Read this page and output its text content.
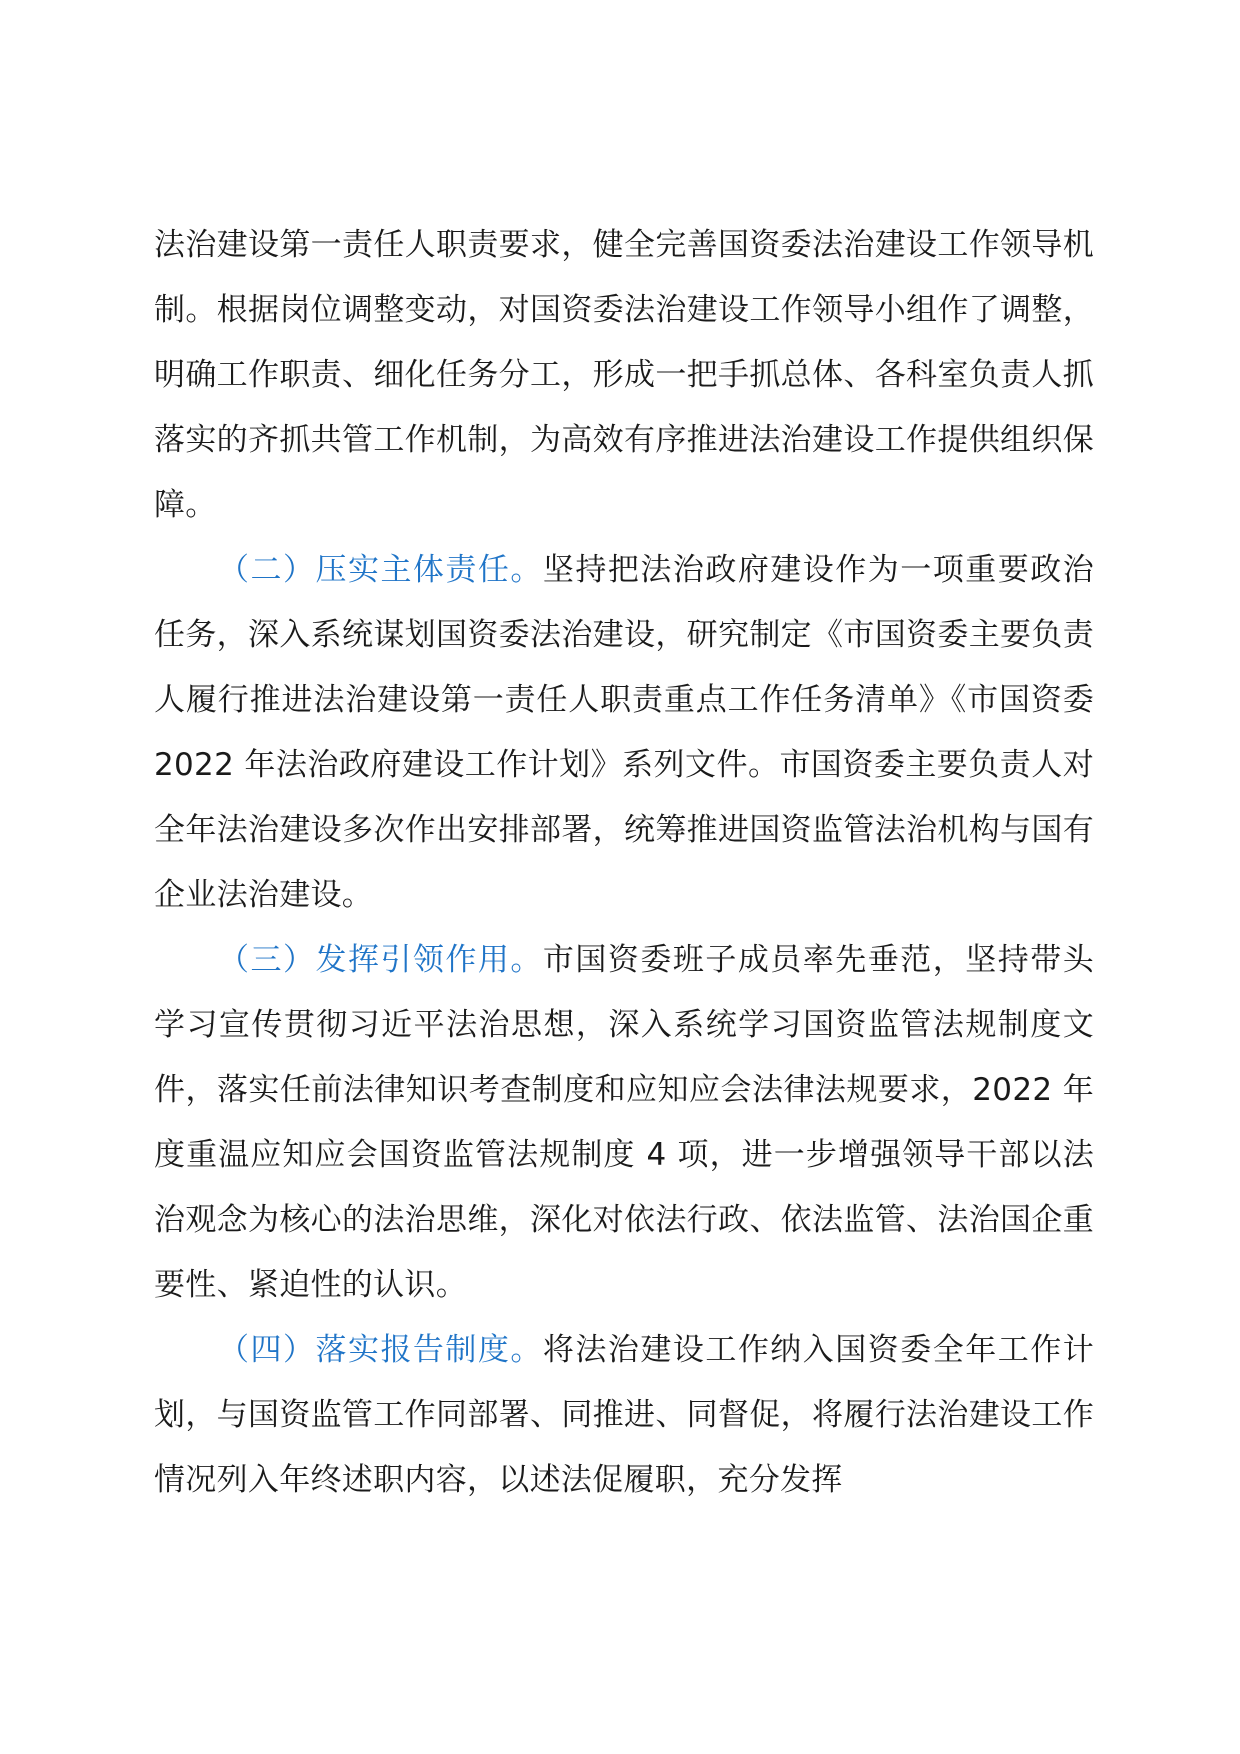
法治建设第一责任人职责要求，健全完善国资委法治建设工作领导机制。根据岗位调整变动，对国资委法治建设工作领导小组作了调整，明确工作职责、细化任务分工，形成一把手抓总体、各科室负责人抓落实的齐抓共管工作机制，为高效有序推进法治建设工作提供组织保障。

（二）压实主体责任。坚持把法治政府建设作为一项重要政治任务，深入系统谋划国资委法治建设，研究制定《市国资委主要负责人履行推进法治建设第一责任人职责重点工作任务清单》《市国资委 2022 年法治政府建设工作计划》系列文件。市国资委主要负责人对全年法治建设多次作出安排部署，统筹推进国资监管法治机构与国有企业法治建设。

（三）发挥引领作用。市国资委班子成员率先垂范，坚持带头学习宣传贯彻习近平法治思想，深入系统学习国资监管法规制度文件，落实任前法律知识考查制度和应知应会法律法规要求，2022 年度重温应知应会国资监管法规制度 4 项，进一步增强领导干部以法治观念为核心的法治思维，深化对依法行政、依法监管、法治国企重要性、紧迫性的认识。

（四）落实报告制度。将法治建设工作纳入国资委全年工作计划，与国资监管工作同部署、同推进、同督促，将履行法治建设工作情况列入年终述职内容，以述法促履职，充分发挥
